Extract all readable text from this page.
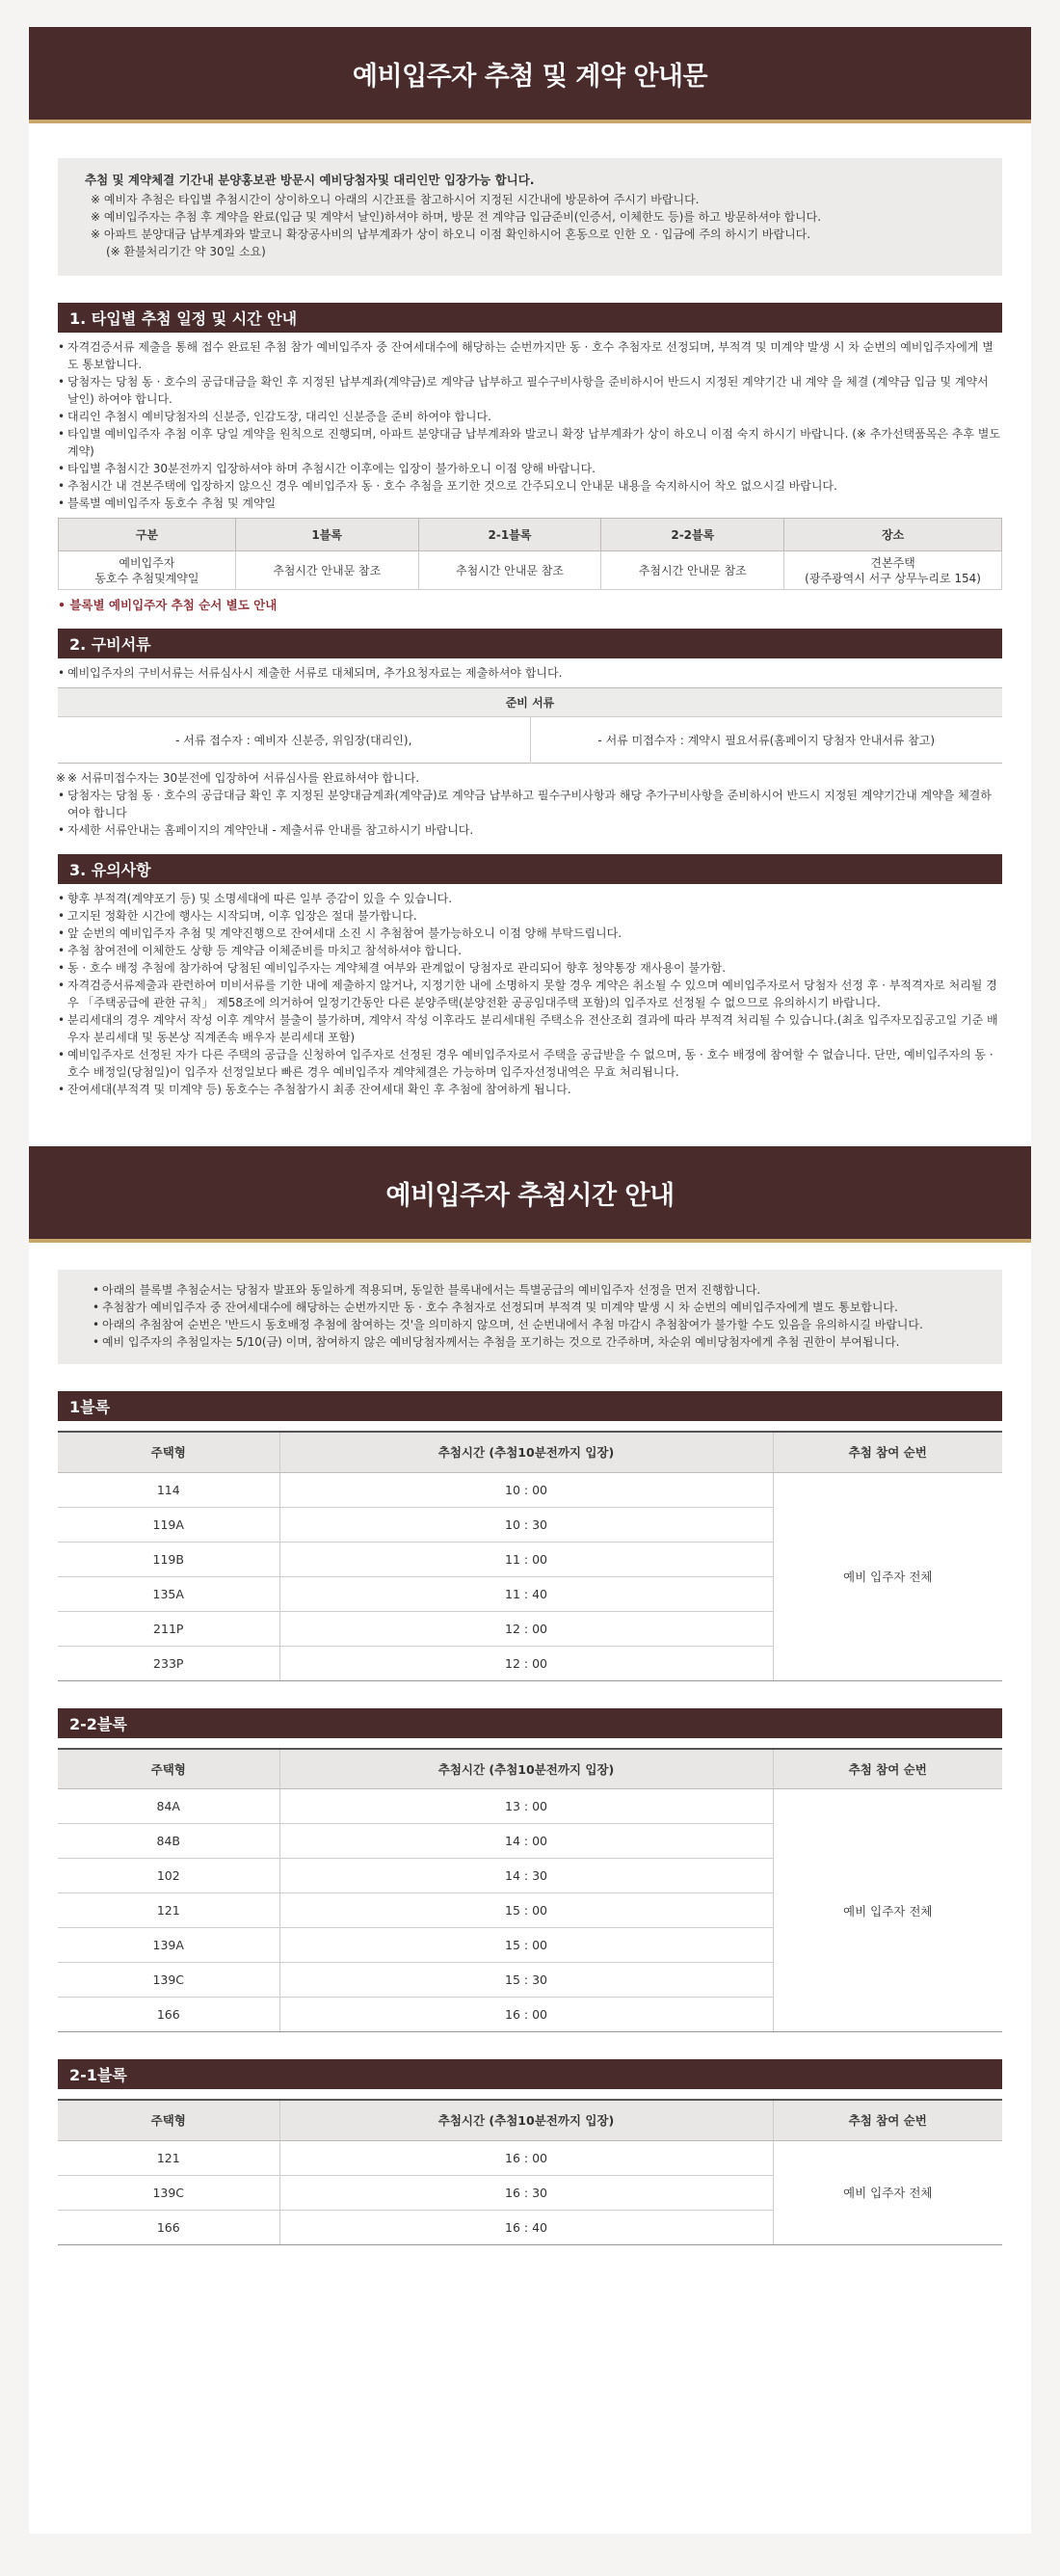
예비입주자 추첨 및 계약 안내문
추첨 및 계약체결 기간내 분양홍보관 방문시 예비당첨자및 대리인만 입장가능 합니다.
※ 예비자 추첨은 타입별 추첨시간이 상이하오니 아래의 시간표를 참고하시어 지정된 시간내에 방문하여 주시기 바랍니다.
※ 예비입주자는 추첨 후 계약을 완료(입금 및 계약서 날인)하셔야 하며, 방문 전 계약금 입금준비(인증서, 이체한도 등)를 하고 방문하셔야 합니다.
※ 아파트 분양대금 납부계좌와 발코니 확장공사비의 납부계좌가 상이 하오니 이점 확인하시어 혼동으로 인한 오 · 입금에 주의 하시기 바랍니다.
(※ 환불처리기간 약 30일 소요)
1. 타입별 추첨 일정 및 시간 안내
• 자격검증서류 제출을 통해 접수 완료된 추첨 참가 예비입주자 중 잔여세대수에 해당하는 순번까지만 동 · 호수 추첨자로 선정되며, 부적격 및 미계약 발생 시 차 순번의 예비입주자에게 별도 통보합니다.
• 당첨자는 당첨 동 · 호수의 공급대금을 확인 후 지정된 납부계좌(계약금)로 계약금 납부하고 필수구비사항을 준비하시어 반드시 지정된 계약기간 내 계약 을 체결 (계약금 입금 및 계약서 날인) 하여야 합니다.
• 대리인 추첨시 예비당첨자의 신분증, 인감도장, 대리인 신분증을 준비 하여야 합니다.
• 타입별 예비입주자 추첨 이후 당일 계약을 원칙으로 진행되며, 아파트 분양대금 납부계좌와 발코니 확장 납부계좌가 상이 하오니 이점 숙지 하시기 바랍니다. (※ 추가선택품목은 추후 별도 계약)
• 타입별 추첨시간 30분전까지 입장하셔야 하며 추첨시간 이후에는 입장이 불가하오니 이점 양해 바랍니다.
• 추첨시간 내 견본주택에 입장하지 않으신 경우 예비입주자 동 · 호수 추첨을 포기한 것으로 간주되오니 안내문 내용을 숙지하시어 착오 없으시길 바랍니다.
• 블록별 예비입주자 동호수 추첨 및 계약일
구분	1블록	2-1블록	2-2블록	장소
예비입주자
동호수 추첨및계약일	추첨시간 안내문 참조	추첨시간 안내문 참조	추첨시간 안내문 참조	견본주택
(광주광역시 서구 상무누리로 154)
• 블록별 예비입주자 추첨 순서 별도 안내
2. 구비서류
• 예비입주자의 구비서류는 서류심사시 제출한 서류로 대체되며, 추가요청자료는 제출하셔야 합니다.
준비 서류
- 서류 접수자 : 예비자 신분증, 위임장(대리인),	- 서류 미접수자 : 계약시 필요서류(홈페이지 당첨자 안내서류 참고)
※ ※ 서류미접수자는 30분전에 입장하여 서류심사를 완료하셔야 합니다.
• 당첨자는 당첨 동 · 호수의 공급대금 확인 후 지정된 분양대금계좌(계약금)로 계약금 납부하고 필수구비사항과 해당 추가구비사항을 준비하시어 반드시 지정된 계약기간내 계약을 체결하여야 합니다
• 자세한 서류안내는 홈페이지의 계약안내 - 제출서류 안내를 참고하시기 바랍니다.
3. 유의사항
• 향후 부적격(계약포기 등) 및 소명세대에 따른 일부 증감이 있을 수 있습니다.
• 고지된 정확한 시간에 행사는 시작되며, 이후 입장은 절대 불가합니다.
• 앞 순번의 예비입주자 추첨 및 계약진행으로 잔여세대 소진 시 추첨참여 불가능하오니 이점 양해 부탁드립니다.
• 추첨 참여전에 이체한도 상향 등 계약금 이체준비를 마치고 참석하셔야 합니다.
• 동 · 호수 배정 추첨에 참가하여 당첨된 예비입주자는 계약체결 여부와 관계없이 당첨자로 관리되어 향후 청약통장 재사용이 불가함.
• 자격검증서류제출과 관련하여 미비서류를 기한 내에 제출하지 않거나, 지정기한 내에 소명하지 못할 경우 계약은 취소될 수 있으며 예비입주자로서 당첨자 선정 후 · 부적격자로 처리될 경우 「주택공급에 관한 규칙」 제58조에 의거하여 일정기간동안 다른 분양주택(분양전환 공공임대주택 포함)의 입주자로 선정될 수 없으므로 유의하시기 바랍니다.
• 분리세대의 경우 계약서 작성 이후 계약서 불출이 불가하며, 계약서 작성 이후라도 분리세대원 주택소유 전산조회 결과에 따라 부적격 처리될 수 있습니다.(최초 입주자모집공고일 기준 배우자 분리세대 및 동본상 직계존속 배우자 분리세대 포함)
• 예비입주자로 선정된 자가 다른 주택의 공급을 신청하여 입주자로 선정된 경우 예비입주자로서 주택을 공급받을 수 없으며, 동 · 호수 배정에 참여할 수 없습니다. 단만, 예비입주자의 동 · 호수 배정일(당첨일)이 입주자 선정일보다 빠른 경우 예비입주자 계약체결은 가능하며 입주자선정내역은 무효 처리됩니다.
• 잔여세대(부적격 및 미계약 등) 동호수는 추첨참가시 최종 잔여세대 확인 후 추첨에 참여하게 됩니다.
예비입주자 추첨시간 안내
• 아래의 블록별 추첨순서는 당첨자 발표와 동일하게 적용되며, 동일한 블록내에서는 특별공급의 예비입주자 선정을 먼저 진행합니다.
• 추첨참가 예비입주자 중 잔여세대수에 해당하는 순번까지만 동 · 호수 추첨자로 선정되며 부적격 및 미계약 발생 시 차 순번의 예비입주자에게 별도 통보합니다.
• 아래의 추첨참여 순번은 '반드시 동호배정 추첨에 참여하는 것'을 의미하지 않으며, 선 순번내에서 추첨 마감시 추첨참여가 불가할 수도 있음을 유의하시길 바랍니다.
• 예비 입주자의 추첨일자는 5/10(금) 이며, 참여하지 않은 예비당첨자께서는 추첨을 포기하는 것으로 간주하며, 차순위 예비당첨자에게 추첨 권한이 부여됩니다.
1블록
주택형	추첨시간 (추첨10분전까지 입장)	추첨 참여 순번
114	10 : 00	예비 입주자 전체
119A	10 : 30	
119B	11 : 00	
135A	11 : 40	
211P	12 : 00	
233P	12 : 00	
2-2블록
주택형	추첨시간 (추첨10분전까지 입장)	추첨 참여 순번
84A	13 : 00	예비 입주자 전체
84B	14 : 00	
102	14 : 30	
121	15 : 00	
139A	15 : 00	
139C	15 : 30	
166	16 : 00	
2-1블록
주택형	추첨시간 (추첨10분전까지 입장)	추첨 참여 순번
121	16 : 00	예비 입주자 전체
139C	16 : 30	
166	16 : 40	
